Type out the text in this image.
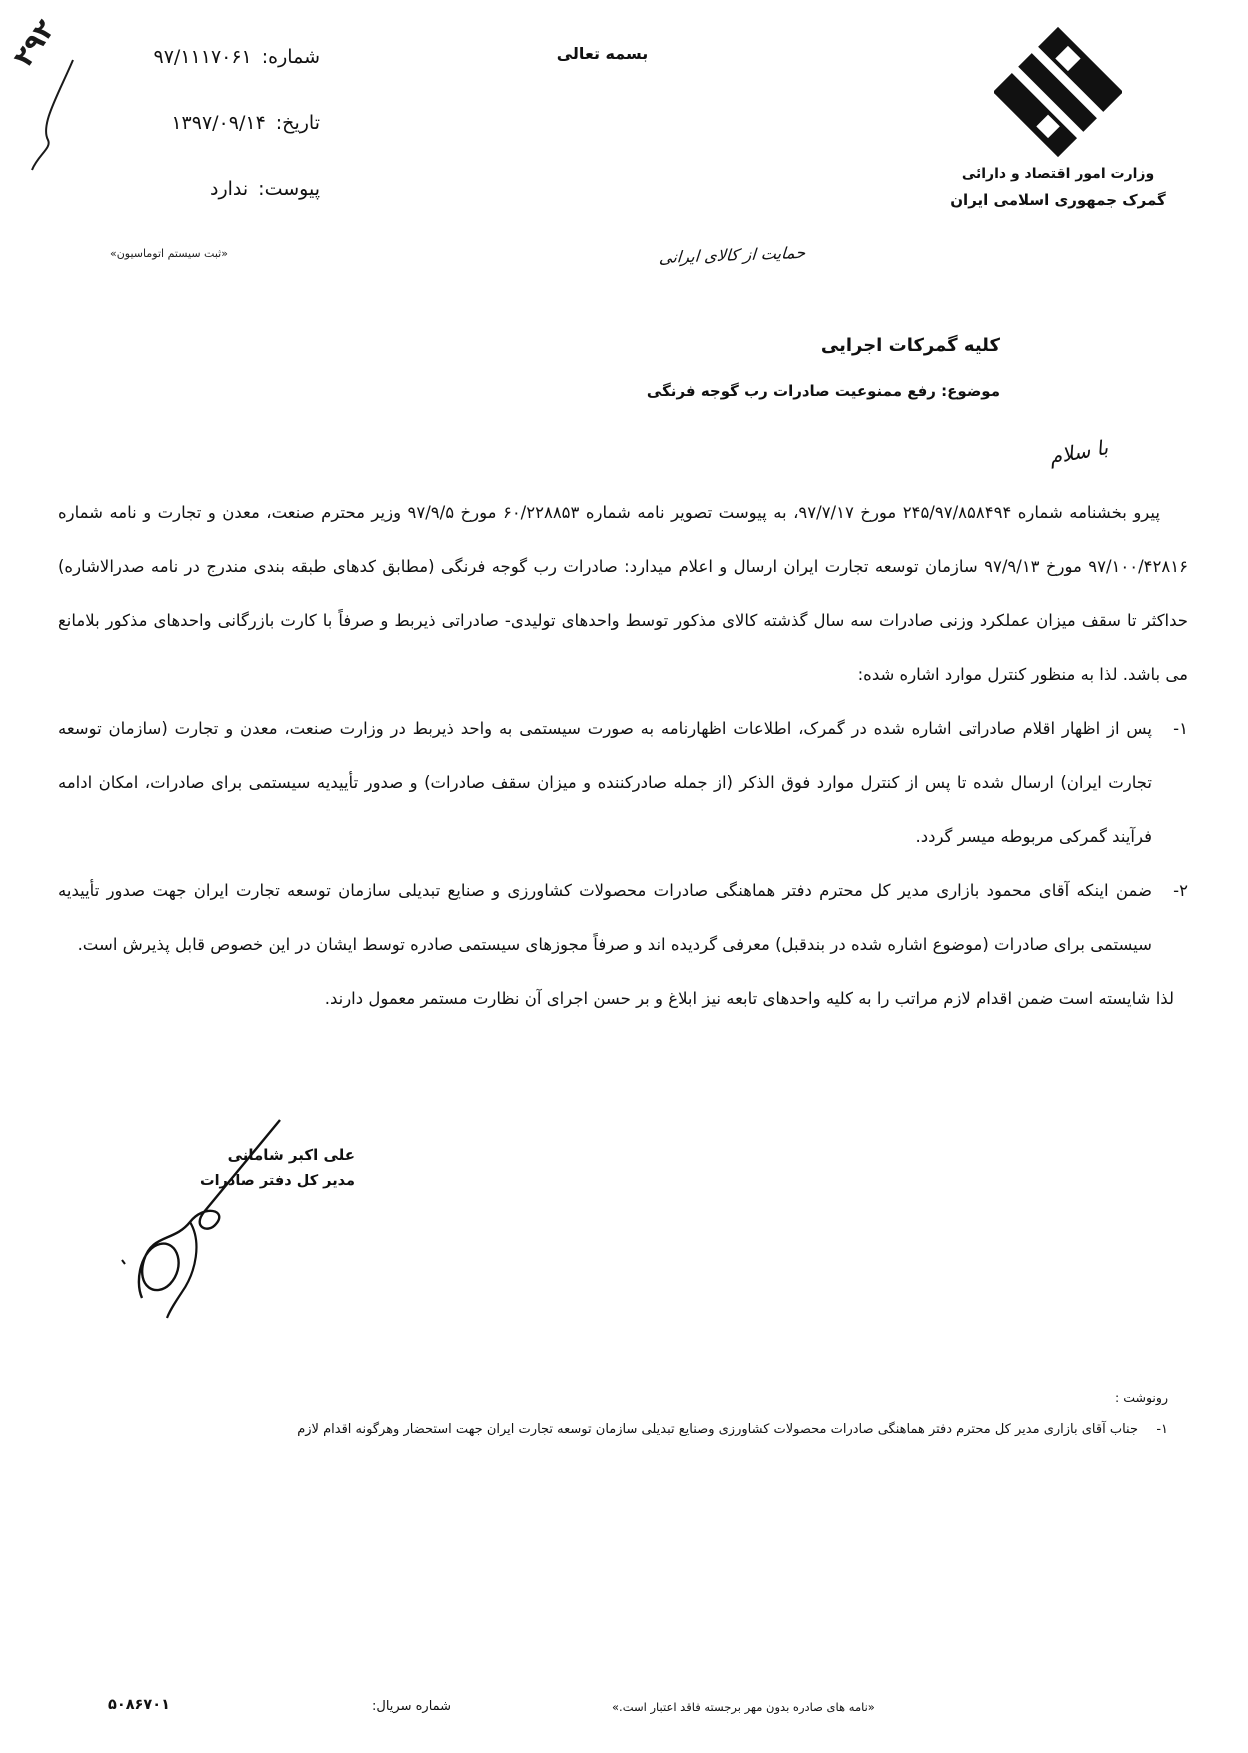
بسمه تعالی
۲۹۲	شماره:۹۷/۱۱۱۷۰۶۱
تاریخ:۱۳۹۷/۰۹/۱۴
پیوست:ندارد
وزارت امور اقتصاد و دارائی
گمرک جمهوری اسلامی ایران
«ثبت سیستم اتوماسیون»	حمایت از کالای ایرانی
کلیه گمرکات اجرایی
موضوع: رفع ممنوعیت صادرات رب گوجه فرنگی
با سلام

پیرو بخشنامه شماره ۲۴۵/۹۷/۸۵۸۴۹۴ مورخ ۹۷/۷/۱۷، به پیوست تصویر نامه شماره ۶۰/۲۲۸۸۵۳ مورخ ۹۷/۹/۵ وزیر محترم صنعت، معدن و تجارت و نامه شماره ۹۷/۱۰۰/۴۲۸۱۶ مورخ ۹۷/۹/۱۳ سازمان توسعه تجارت ایران ارسال و اعلام میدارد: صادرات رب گوجه فرنگی (مطابق کدهای طبقه بندی مندرج در نامه صدرالاشاره) حداکثر تا سقف میزان عملکرد وزنی صادرات سه سال گذشته کالای مذکور توسط واحدهای تولیدی- صادراتی ذیربط و صرفاً با کارت بازرگانی واحدهای مذکور بلامانع می باشد. لذا به منظور کنترل موارد اشاره شده:

۱-
پس از اظهار اقلام صادراتی اشاره شده در گمرک، اطلاعات اظهارنامه به صورت سیستمی به واحد ذیربط در وزارت صنعت، معدن و تجارت (سازمان توسعه تجارت ایران) ارسال شده تا پس از کنترل موارد فوق الذکر (از جمله صادرکننده و میزان سقف صادرات) و صدور تأییدیه سیستمی برای صادرات، امکان ادامه فرآیند گمرکی مربوطه میسر گردد.
۲-
ضمن اینکه آقای محمود بازاری مدیر کل محترم دفتر هماهنگی صادرات محصولات کشاورزی و صنایع تبدیلی سازمان توسعه تجارت ایران جهت صدور تأییدیه سیستمی برای صادرات (موضوع اشاره شده در بندقبل) معرفی گردیده اند و صرفاً مجوزهای سیستمی صادره توسط ایشان در این خصوص قابل پذیرش است.

لذا شایسته است ضمن اقدام لازم مراتب را به کلیه واحدهای تابعه نیز ابلاغ و بر حسن اجرای آن نظارت مستمر معمول دارند.

علی اکبر شامانی
مدیر کل دفتر صادرات
رونوشت :
۱-
جناب آقای بازاری مدیر کل محترم دفتر هماهنگی صادرات محصولات کشاورزی وصنایع تبدیلی سازمان توسعه تجارت ایران جهت استحضار وهرگونه اقدام لازم
«نامه های صادره بدون مهر برجسته فاقد اعتبار است.»
شماره سریال:
۵۰۸۶۷۰۱
